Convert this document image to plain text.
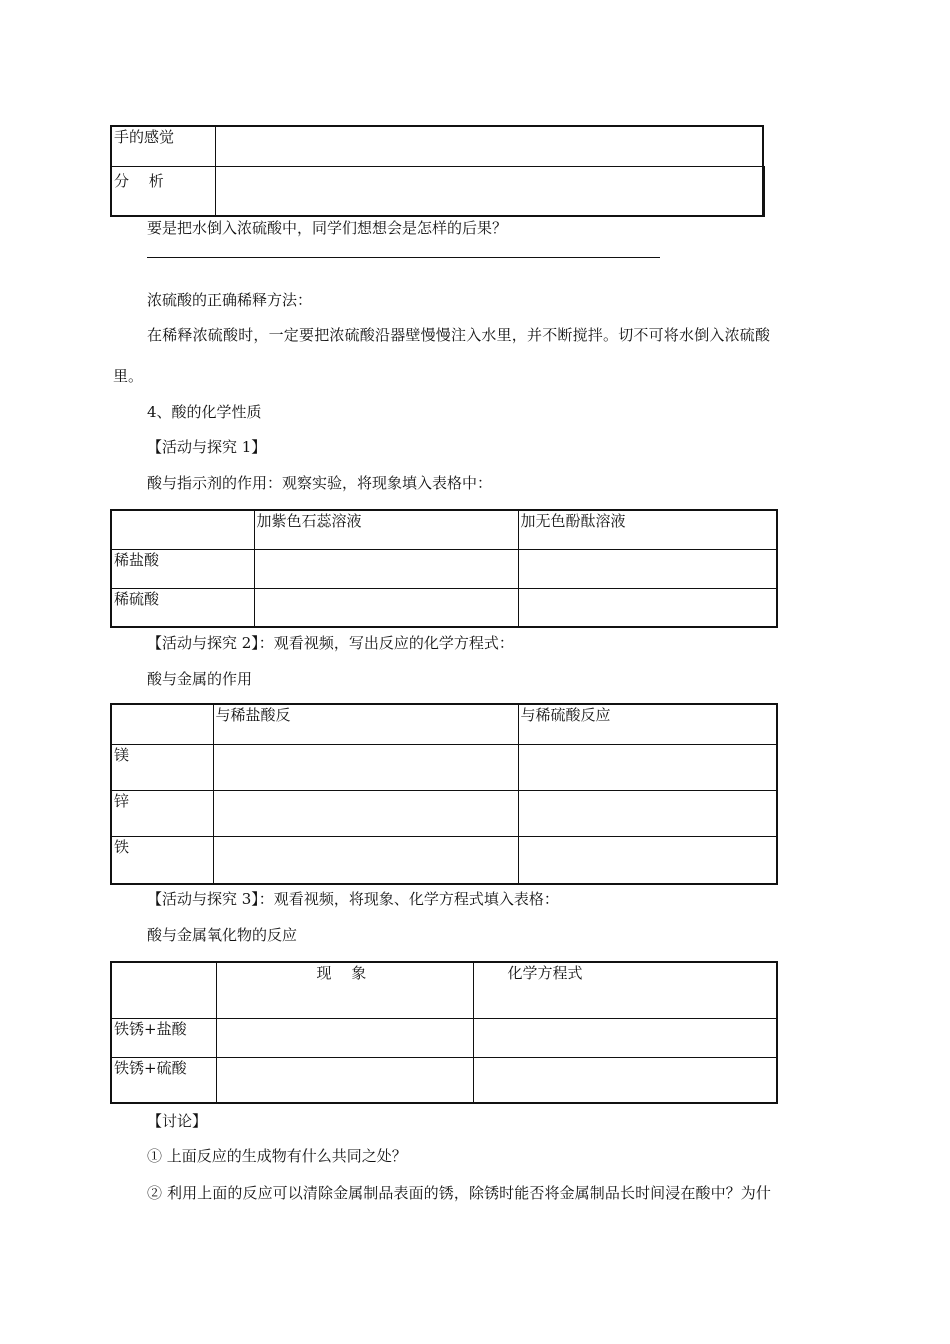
手的感觉	
分　 析	
要是把水倒入浓硫酸中，同学们想想会是怎样的后果？
浓硫酸的正确稀释方法：
在稀释浓硫酸时，一定要把浓硫酸沿器壁慢慢注入水里，并不断搅拌。切不可将水倒入浓硫酸
里。
4、酸的化学性质
【活动与探究 1】
酸与指示剂的作用：观察实验，将现象填入表格中：
	加紫色石蕊溶液	加无色酚酞溶液
稀盐酸		
稀硫酸		
【活动与探究 2】：观看视频，写出反应的化学方程式：
酸与金属的作用
	与稀盐酸反	与稀硫酸反应
镁		
锌		
铁		
【活动与探究 3】：观看视频，将现象、化学方程式填入表格：
酸与金属氧化物的反应
	现　 象	化学方程式
铁锈+盐酸		
铁锈+硫酸		
【讨论】
① 上面反应的生成物有什么共同之处？
② 利用上面的反应可以清除金属制品表面的锈，除锈时能否将金属制品长时间浸在酸中？为什
